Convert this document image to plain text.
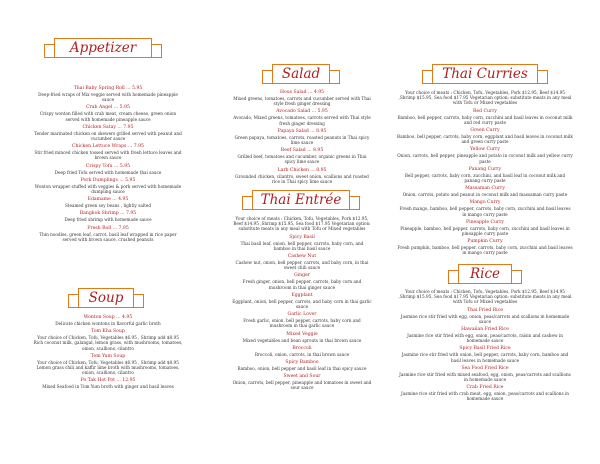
Appetizer
Thai Baby Spring Roll ... 5.95
Deep-fried wraps of Mix veggie served with homemade pineapple sauce
Crab Angel ... 5.95
Crispy wonton filled with crab meat, cream cheese, green onion served with homemade pineapple sauce
Chicken Satay ... 7.95
Tender marinated chicken on skewers grilled served with peanut and cucumber sauce
Chicken Lettuce Wraps ... 7.95
Stir fried minced chicken tossed served with fresh lettuce leaves and brown sauce
Crispy Tofu ... 5.95
Deep fried Tofu served with homemade thai sauce
Pork Dumplings ... 5.95
Wonton wrapper stuffed with veggies & pork served with homemade dumpling sauce
Edamame ... 4.95
Steamed green soy beans , lightly salted
Bangkok Shrimp ... 7.95
Deep fried shrimp with homemade sauce
Fresh Roll ... 7.95
Thin noodles, green leaf, carrot, basil leaf wrapped in rice paper served with brown sauce, crushed peanuts
Soup
Wonton Soup ... 4.95
Delicate chicken wontons in flavorful garlic broth
Tom Kha Soup
Your choice of Chicken, Tofu, Vegetables $6.95 , Shrimp add $8.95 Rich coconut milk, galangal, lemon grass, with mushrooms, tomatoes, onion, scallions, cilantro
Tom Yum Soup
Your choice of Chicken, Tofu, Vegetables $6.95 , Shrimp add $8.95 Lemon grass chili and kaffir lime broth with mushrooms, tomatoes, onion, scallions, cilantro
Po Tak Hot Pot ... 12.95
Mixed Seafood in Tom Yum broth with ginger and basil leaves
Salad
Hous Salad ... 4.95
Mixed greens, tomatoes, carrots and cucumber served with Thai style fresh ginger dressing
Avocado Salad ... 5.95
Avocado, Mixed greens, tomatoes, carrots served with Thai style fresh ginger dressing
Papaya Salad ... 8.95
Green papaya, tomatoes, carrots, roasted peanuts in Thai spicy lime sauce
Beef Salad ... 8.95
Grilled beef, tomatoes and cucumber, organic greens in Thai spicy lime sauce
Larb Chicken ... 8.95
Grounded chicken, cilantro, sweet onion, scallions and roasted rice in Thai spicy lime sauce
Thai Entrée
Your choice of meats : Chicken, Tofu, Vegetables, Pork $12.95, Beef $14.95 ,Shrimp $15.95, Sea food $17.95 Vegetarian option: substitute meats in any meal with Tofu or Mixed vegetables
Spicy Basil
Thai basil leaf, onion, bell pepper, carrots, baby corn, and bamboo in thai basil sauce
Cashew Nut
Cashew nut, onion, bell pepper, carrots, and baby corn, in thai sweet chili sauce
Ginger
Fresh ginger, onion, bell pepper, carrots, baby corn and mushroom in thai ginger sauce
Eggplant
Eggplant, onion, bell pepper, carrots, and baby corn in thai garlic sauce
Garlic Lover
Fresh garlic, onion, bell pepper, carrots, baby corn and mushroom in thai garlic sauce
Mixed Veggie
Mixed vegetables and bean sprouts in thai brown sauce
Broccoli
Broccoli, onion, carrots, in thai brown sauce
Spicy Bamboo
Bamboo, onion, bell pepper and basil leaf in thai spicy sauce
Sweet and Sour
Onion, carrots, bell pepper, pineapple and tomatoes in sweet and sour sauce
Thai Curries
Your choice of meats : Chicken, Tofu, Vegetables, Pork $12.95, Beef $14.95 ,Shrimp $15.95, Sea food $17.95 Vegetarian option: substitute meats in any meal with Tofu or Mixed vegetables
Red Curry
Bamboo, bell pepper, carrots, baby corn, zucchini and basil leaves in coconut milk and red curry paste
Green Curry
Bamboo, bell pepper, carrots, baby corn, eggplant and basil leaves in coconut milk and green curry paste
Yellow Curry
Onion, carrots, bell pepper, pineapple and potato in coconut milk and yellow curry paste
Panang Curry
Bell pepper, carrots, baby corn, zucchini, and basil leaf in coconut milk and panang curry paste
Massaman Curry
Onion, carrots, potato and peanut in coconut milk and massaman curry paste
Mango Curry
Fresh mango, bamboo, bell pepper, carrots, baby corn, zucchini and basil leaves in mango curry paste
Pineapple Curry
Pineapple, bamboo, bell pepper, carrots, baby corn, zucchini and basil leaves in pineapple curry paste
Pumpkin Curry
Fresh pumpkin, bamboo, bell pepper, carrots, baby corn, zucchini and basil leaves in mango curry paste
Rice
Your choice of meats : Chicken, Tofu, Vegetables, Pork $12.95, Beef $14.95 ,Shrimp $15.95, Sea food $17.95 Vegetarian option: substitute meats in any meal with Tofu or Mixed vegetables
Thai Fried Rice
Jasmine rice stir fried with egg, onion, peas/carrots and scallions in homemade sauce
Hawaiian Fried Rice
Jasmine rice stir fried with egg, onion, peas/carrots, raisin and cashew in homemade sauce
Spicy Basil Fried Rice
Jasmine rice stir fried with onion, bell pepper, carrots, baby corn, bamboo and basil leaves in homemade sauce
Sea Food Fried Rice
Jasmine rice stir fried with mixed seafood, egg, onion, peas/carrots and scallions in homemade sauce
Crab Fried Rice
Jasmine rice stir fried with crab meat, egg, onion, peas/carrots and scallions in homemade sauce
